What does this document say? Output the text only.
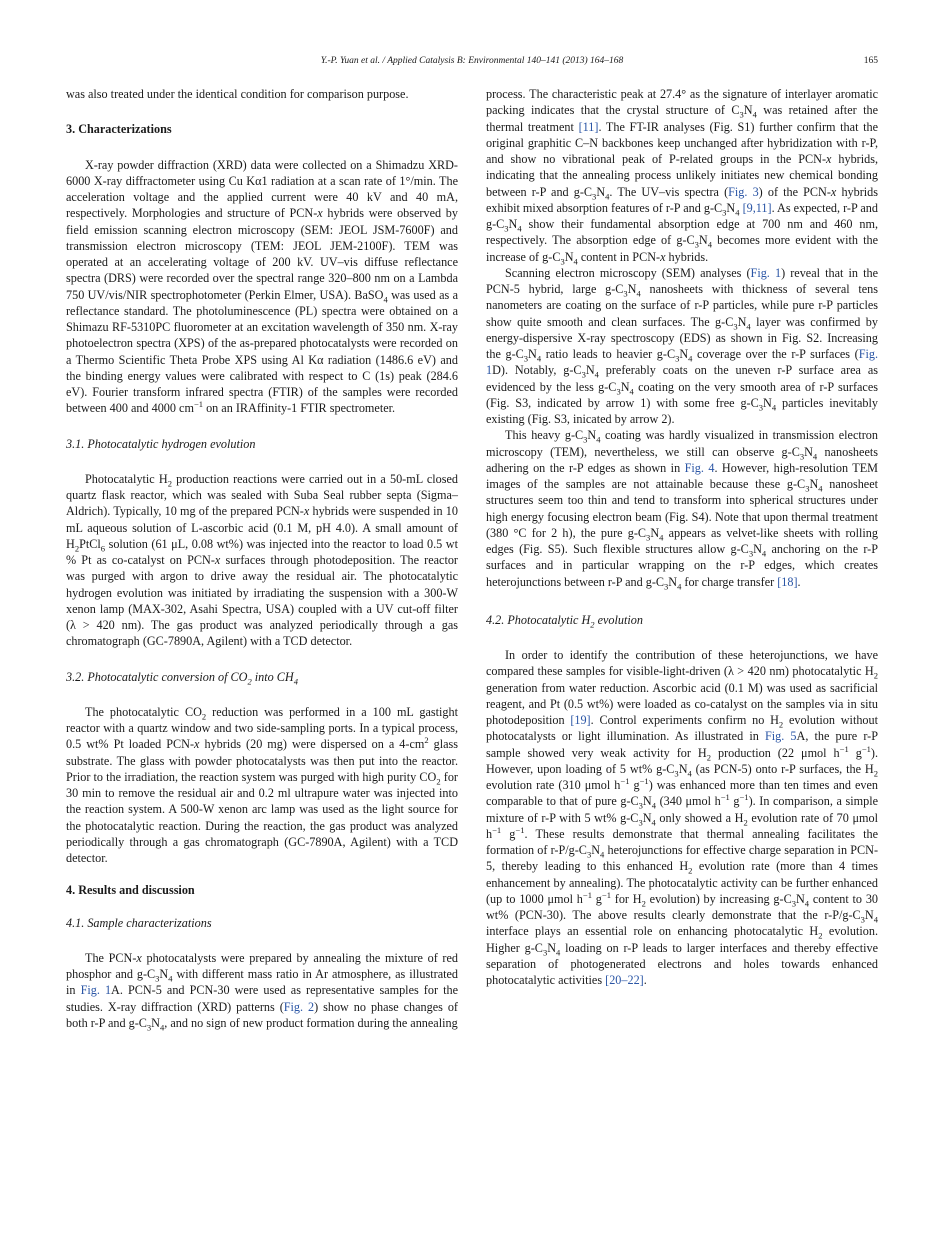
Y.-P. Yuan et al. / Applied Catalysis B: Environmental 140–141 (2013) 164–168	165

was also treated under the identical condition for comparison purpose.

3. Characterizations

X-ray powder diffraction (XRD) data were collected on a Shimadzu XRD-6000 X-ray diffractometer using Cu Kα1 radiation at a scan rate of 1°/min. The acceleration voltage and the applied current were 40 kV and 40 mA, respectively. Morphologies and structure of PCN-x hybrids were observed by field emission scanning electron microscopy (SEM: JEOL JSM-7600F) and transmission electron microscopy (TEM: JEOL JEM-2100F). TEM was operated at an accelerating voltage of 200 kV. UV–vis diffuse reflectance spectra (DRS) were recorded over the spectral range 320–800 nm on a Lambda 750 UV/vis/NIR spectrophotometer (Perkin Elmer, USA). BaSO$_4$ was used as a reflectance standard. The photoluminescence (PL) spectra were obtained on a Shimazu RF-5310PC fluorometer at an excitation wavelength of 350 nm. X-ray photoelectron spectra (XPS) of the as-prepared photocatalysts were recorded on a Thermo Scientific Theta Probe XPS using Al Kα radiation (1486.6 eV) and the binding energy values were calibrated with respect to C (1s) peak (284.6 eV). Fourier transform infrared spectra (FTIR) of the samples were recorded between 400 and 4000 $cm^{-1}$ on an IRAffinity-1 FTIR spectrometer.

3.1. Photocatalytic hydrogen evolution

Photocatalytic $H_2$ production reactions were carried out in a 50-mL closed quartz flask reactor, which was sealed with Suba Seal rubber septa (Sigma–Aldrich). Typically, 10 mg of the prepared PCN-x hybrids were suspended in 10 mL aqueous solution of L-ascorbic acid (0.1 M, pH 4.0). A small amount of $H_2PtCl_6$ solution (61 μL, 0.08 wt%) was injected into the reactor to load 0.5 wt % Pt as co-catalyst on PCN-x surfaces through photodeposition. The reactor was purged with argon to drive away the residual air. The photocatalytic hydrogen evolution was initiated by irradiating the suspension with a 300-W xenon lamp (MAX-302, Asahi Spectra, USA) coupled with a UV cut-off filter (λ > 420 nm). The gas product was analyzed periodically through a gas chromatograph (GC-7890A, Agilent) with a TCD detector.

3.2. Photocatalytic conversion of $CO_2$ into $CH_4$

The photocatalytic $CO_2$ reduction was performed in a 100 mL gastight reactor with a quartz window and two side-sampling ports. In a typical process, 0.5 wt% Pt loaded PCN-x hybrids (20 mg) were dispersed on a $4-cm^2$ glass substrate. The glass with powder photocatalysts was then put into the reactor. Prior to the irradiation, the reaction system was purged with high purity $CO_2$ for 30 min to remove the residual air and 0.2 ml ultrapure water was injected into the reaction system. A 500-W xenon arc lamp was used as the light source for the photocatalytic reaction. During the reaction, the gas product was analyzed periodically through a gas chromatograph (GC-7890A, Agilent) with a TCD detector.

4. Results and discussion

4.1. Sample characterizations

The PCN-x photocatalysts were prepared by annealing the mixture of red phosphor and $g-C_3N_4$ with different mass ratio in Ar atmosphere, as illustrated in Fig. 1A. PCN-5 and PCN-30 were used as representative samples for the studies. X-ray diffraction (XRD) patterns (Fig. 2) show no phase changes of both r-P and $g-C_3N_4$, and no sign of new product formation during the annealing

process. The characteristic peak at 27.4° as the signature of interlayer aromatic packing indicates that the crystal structure of $C_3N_4$ was retained after the thermal treatment [11]. The FT-IR analyses (Fig. S1) further confirm that the original graphitic C–N backbones keep unchanged after hybridization with r-P, and show no vibrational peak of P-related groups in the PCN-x hybrids, indicating that the annealing process unlikely initiates new chemical bonding between r-P and $g-C_3N_4$. The UV–vis spectra (Fig. 3) of the PCN-x hybrids exhibit mixed absorption features of r-P and $g-C_3N_4$ [9,11]. As expected, r-P and $g-C_3N_4$ show their fundamental absorption edge at 700 nm and 460 nm, respectively. The absorption edge of $g-C_3N_4$ becomes more evident with the increase of $g-C_3N_4$ content in PCN-x hybrids.

Scanning electron microscopy (SEM) analyses (Fig. 1) reveal that in the PCN-5 hybrid, large $g-C_3N_4$ nanosheets with thickness of several tens nanometers are coating on the surface of r-P particles, while pure r-P particles show quite smooth and clean surfaces. The $g-C_3N_4$ layer was confirmed by energy-dispersive X-ray spectroscopy (EDS) as shown in Fig. S2. Increasing the $g-C_3N_4$ ratio leads to heavier $g-C_3N_4$ coverage over the r-P surfaces (Fig. 1D). Notably, $g-C_3N_4$ preferably coats on the uneven r-P surface area as evidenced by the less $g-C_3N_4$ coating on the very smooth area of r-P surfaces (Fig. S3, indicated by arrow 1) with some free $g-C_3N_4$ particles inevitably existing (Fig. S3, inicated by arrow 2).

This heavy $g-C_3N_4$ coating was hardly visualized in transmission electron microscopy (TEM), nevertheless, we still can observe $g-C_3N_4$ nanosheets adhering on the r-P edges as shown in Fig. 4. However, high-resolution TEM images of the samples are not attainable because these $g-C_3N_4$ nanosheet structures seem too thin and tend to transform into spherical structures under high energy focusing electron beam (Fig. S4). Note that upon thermal treatment (380 °C for 2 h), the pure $g-C_3N_4$ appears as velvet-like sheets with rolling edges (Fig. S5). Such flexible structures allow $g-C_3N_4$ anchoring on the r-P surfaces and in particular wrapping on the r-P edges, which creates heterojunctions between r-P and $g-C_3N_4$ for charge transfer [18].

4.2. Photocatalytic $H_2$ evolution

In order to identify the contribution of these heterojunctions, we have compared these samples for visible-light-driven (λ > 420 nm) photocatalytic $H_2$ generation from water reduction. Ascorbic acid (0.1 M) was used as sacrificial reagent, and Pt (0.5 wt%) were loaded as co-catalyst on the samples via in situ photodeposition [19]. Control experiments confirm no $H_2$ evolution without photocatalysts or light illumination. As illustrated in Fig. 5A, the pure r-P sample showed very weak activity for $H_2$ production (22 μmol $h^{-1}$ $g^{-1}$). However, upon loading of 5 wt% $g-C_3N_4$ (as PCN-5) onto r-P surfaces, the $H_2$ evolution rate (310 μmol $h^{-1}$ $g^{-1}$) was enhanced more than ten times and even comparable to that of pure $g-C_3N_4$ (340 μmol $h^{-1}$ $g^{-1}$). In comparison, a simple mixture of r-P with 5 wt% $g-C_3N_4$ only showed a $H_2$ evolution rate of 70 μmol $h^{-1}$ $g^{-1}$. These results demonstrate that thermal annealing facilitates the formation of $r-P/g-C_3N_4$ heterojunctions for effective charge separation in PCN-5, thereby leading to this enhanced $H_2$ evolution rate (more than 4 times enhancement by annealing). The photocatalytic activity can be further enhanced (up to 1000 μmol $h^{-1}$ $g^{-1}$ for $H_2$ evolution) by increasing $g-C_3N_4$ content to 30 wt% (PCN-30). The above results clearly demonstrate that the $r-P/g-C_3N_4$ interface plays an essential role on enhancing photocatalytic $H_2$ evolution. Higher $g-C_3N_4$ loading on r-P leads to larger interfaces and thereby effective separation of photogenerated electrons and holes towards enhanced photocatalytic activities [20–22].
